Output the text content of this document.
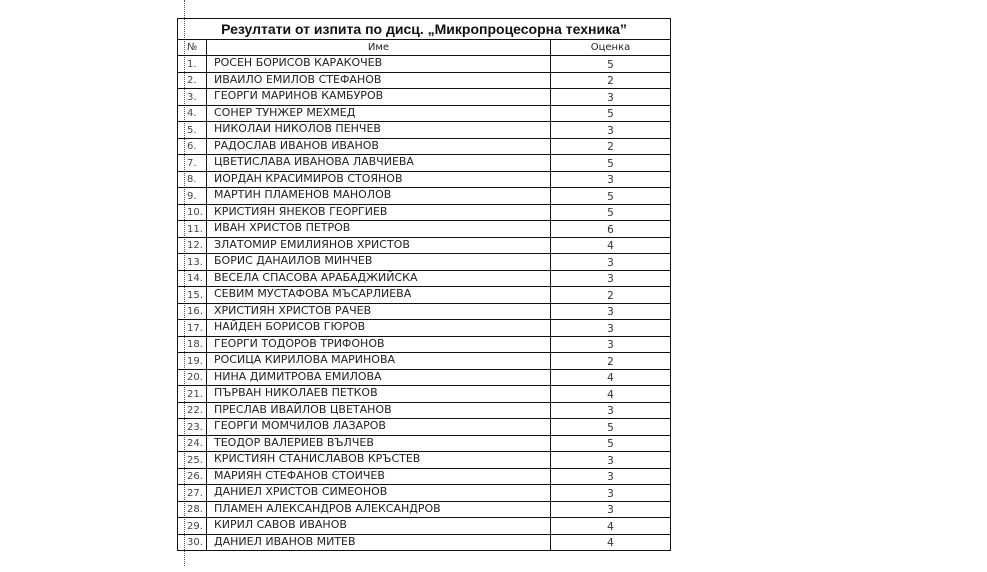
Резултати от изпита по дисц. „Микропроцесорна техника”		
№	Име	Оценка
1.	РОСЕН БОРИСОВ КАРАКОЧЕВ	5
2.	ИВАИЛО ЕМИЛОВ СТЕФАНОВ	2
3.	ГЕОРГИ МАРИНОВ КАМБУРОВ	3
4.	СОНЕР ТУНЖЕР МЕХМЕД	5
5.	НИКОЛАИ НИКОЛОВ ПЕНЧЕВ	3
6.	РАДОСЛАВ ИВАНОВ ИВАНОВ	2
7.	ЦВЕТИСЛАВА ИВАНОВА ЛАВЧИЕВА	5
8.	ИОРДАН КРАСИМИРОВ СТОЯНОВ	3
9.	МАРТИН ПЛАМЕНОВ МАНОЛОВ	5
10.	КРИСТИЯН ЯНЕКОВ ГЕОРГИЕВ	5
11.	ИВАН ХРИСТОВ ПЕТРОВ	6
12.	ЗЛАТОМИР ЕМИЛИЯНОВ ХРИСТОВ	4
13.	БОРИС ДАНАИЛОВ МИНЧЕВ	3
14.	ВЕСЕЛА СПАСОВА АРАБАДЖИЙСКА	3
15.	СЕВИМ МУСТАФОВА МЪСАРЛИЕВА	2
16.	ХРИСТИЯН ХРИСТОВ РАЧЕВ	3
17.	НАЙДЕН БОРИСОВ ГЮРОВ	3
18.	ГЕОРГИ ТОДОРОВ ТРИФОНОВ	3
19.	РОСИЦА КИРИЛОВА МАРИНОВА	2
20.	НИНА ДИМИТРОВА ЕМИЛОВА	4
21.	ПЪРВАН НИКОЛАЕВ ПЕТКОВ	4
22.	ПРЕСЛАВ ИВАЙЛОВ ЦВЕТАНОВ	3
23.	ГЕОРГИ МОМЧИЛОВ ЛАЗАРОВ	5
24.	ТЕОДОР ВАЛЕРИЕВ ВЪЛЧЕВ	5
25.	КРИСТИЯН СТАНИСЛАВОВ КРЪСТЕВ	3
26.	МАРИЯН СТЕФАНОВ СТОИЧЕВ	3
27.	ДАНИЕЛ ХРИСТОВ СИМЕОНОВ	3
28.	ПЛАМЕН АЛЕКСАНДРОВ АЛЕКСАНДРОВ	3
29.	КИРИЛ САВОВ ИВАНОВ	4
30.	ДАНИЕЛ ИВАНОВ МИТЕВ	4
